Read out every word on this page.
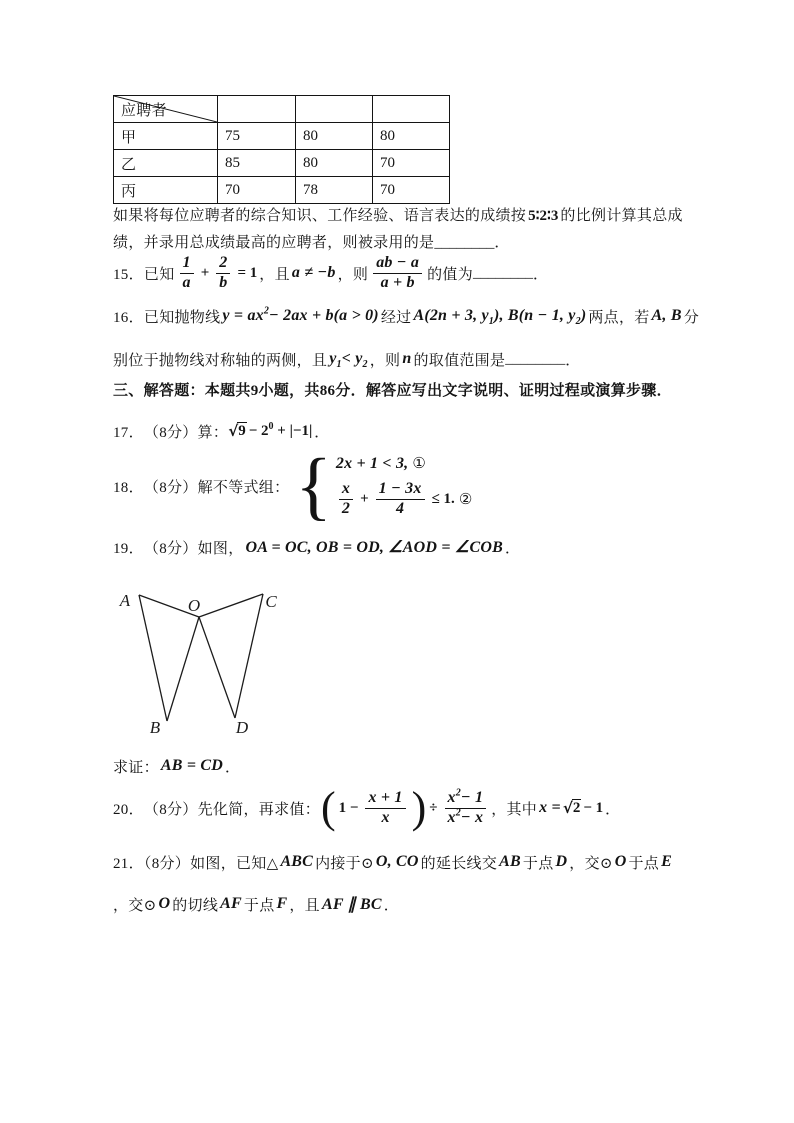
应聘者			
甲	75	80	80
乙	85	80	70
丙	70	78	70
如果将每位应聘者的综合知识、工作经验、语言表达的成绩按 5∶2∶3 的比例计算其总成绩，并录用总成绩最高的应聘者，则被录用的是________．
15． 已知 $\frac{1}{a} + \frac{2}{b} = 1$ ，且 a ≠ −b ，则 $\frac{ab - a}{a + b}$ 的值为 ________ ．
16． 已知抛物线 $y = ax^2- 2ax + b(a > 0)$ 经过 A(2n + 3, $y_1$), B(n − 1, $y_2$) 两点，若 A, B 分
别位于抛物线对称轴的两侧，且 $y_1< y_2$ ，则 n 的取值范围是 ________ ．
三、解答题：本题共9小题，共86分．解答应写出文字说明、证明过程或演算步骤．
17． （8分） 算： √ $9 - 2^0 + |-1|$ ．
18． （8分） 解不等式组： { 2x + 1 < 3, ①
$\frac{x}{2} + \frac{1 - 3x}{4} \le 1$. ②
19． （8分） 如图， OA = OC, OB = OD, ∠AOD = ∠COB ．
A	O	C
B	D
求证： AB = CD ．
20． （8分） 先化简，再求值： ( $1 - \frac{x + 1}{x}$ ) ÷ $\frac{x^2- 1}{x^2- x}$ ，其中 x = √ 2 − 1 ．
21．（8分）如图，已知△ ABC 内接于⊙ O, CO 的延长线交 AB 于点 D ，交⊙ O 于点 E
，交⊙ O 的切线 AF 于点 F ，且 AF ∥ BC ．
